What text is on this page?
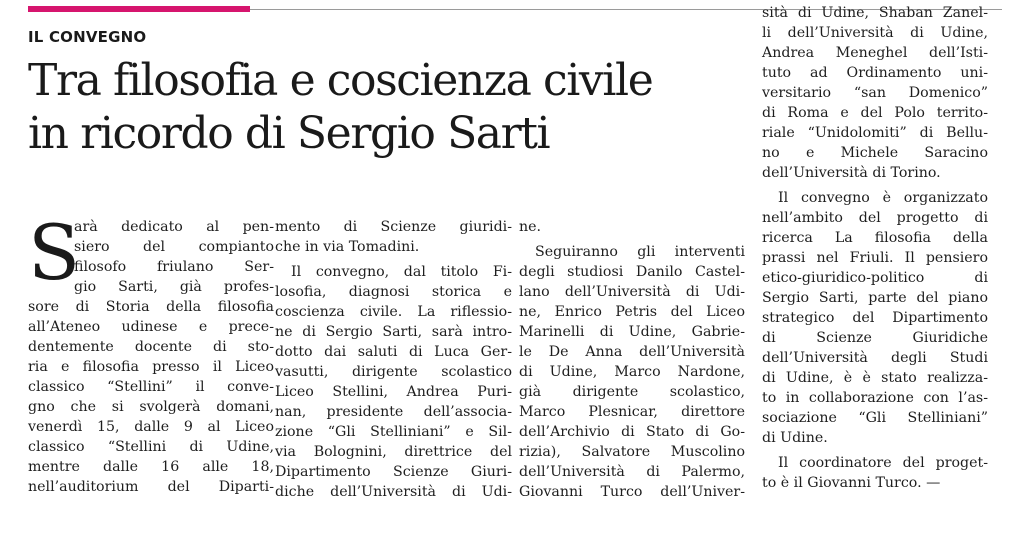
IL CONVEGNO
Tra filosofia e coscienza civile
in ricordo di Sergio Sarti
S
arà dedicato al pen-
siero del compianto
filosofo friulano Ser-
gio Sarti, già profes-
sore di Storia della filosofia
all’Ateneo udinese e prece-
dentemente docente di sto-
ria e filosofia presso il Liceo
classico “Stellini” il conve-
gno che si svolgerà domani,
venerdì 15, dalle 9 al Liceo
classico “Stellini di Udine,
mentre dalle 16 alle 18,
nell’auditorium del Diparti-
mento di Scienze giuridi-
che in via Tomadini.
Il convegno, dal titolo Fi-
losofia, diagnosi storica e
coscienza civile. La riflessio-
ne di Sergio Sarti, sarà intro-
dotto dai saluti di Luca Ger-
vasutti, dirigente scolastico
Liceo Stellini, Andrea Puri-
nan, presidente dell’associa-
zione “Gli Stelliniani” e Sil-
via Bolognini, direttrice del
Dipartimento Scienze Giuri-
diche dell’Università di Udi-
ne.
Seguiranno gli interventi
degli studiosi Danilo Castel-
lano dell’Università di Udi-
ne, Enrico Petris del Liceo
Marinelli di Udine, Gabrie-
le De Anna dell’Università
di Udine, Marco Nardone,
già dirigente scolastico,
Marco Plesnicar, direttore
dell’Archivio di Stato di Go-
rizia), Salvatore Muscolino
dell’Università di Palermo,
Giovanni Turco dell’Univer-
sità di Udine, Shaban Zanel-
li dell’Università di Udine,
Andrea Meneghel dell’Isti-
tuto ad Ordinamento uni-
versitario “san Domenico”
di Roma e del Polo territo-
riale “Unidolomiti” di Bellu-
no e Michele Saracino
dell’Università di Torino.
Il convegno è organizzato
nell’ambito del progetto di
ricerca La filosofia della
prassi nel Friuli. Il pensiero
etico-giuridico-politico di
Sergio Sarti, parte del piano
strategico del Dipartimento
di Scienze Giuridiche
dell’Università degli Studi
di Udine, è è stato realizza-
to in collaborazione con l’as-
sociazione “Gli Stelliniani”
di Udine.
Il coordinatore del proget-
to è il Giovanni Turco. —
